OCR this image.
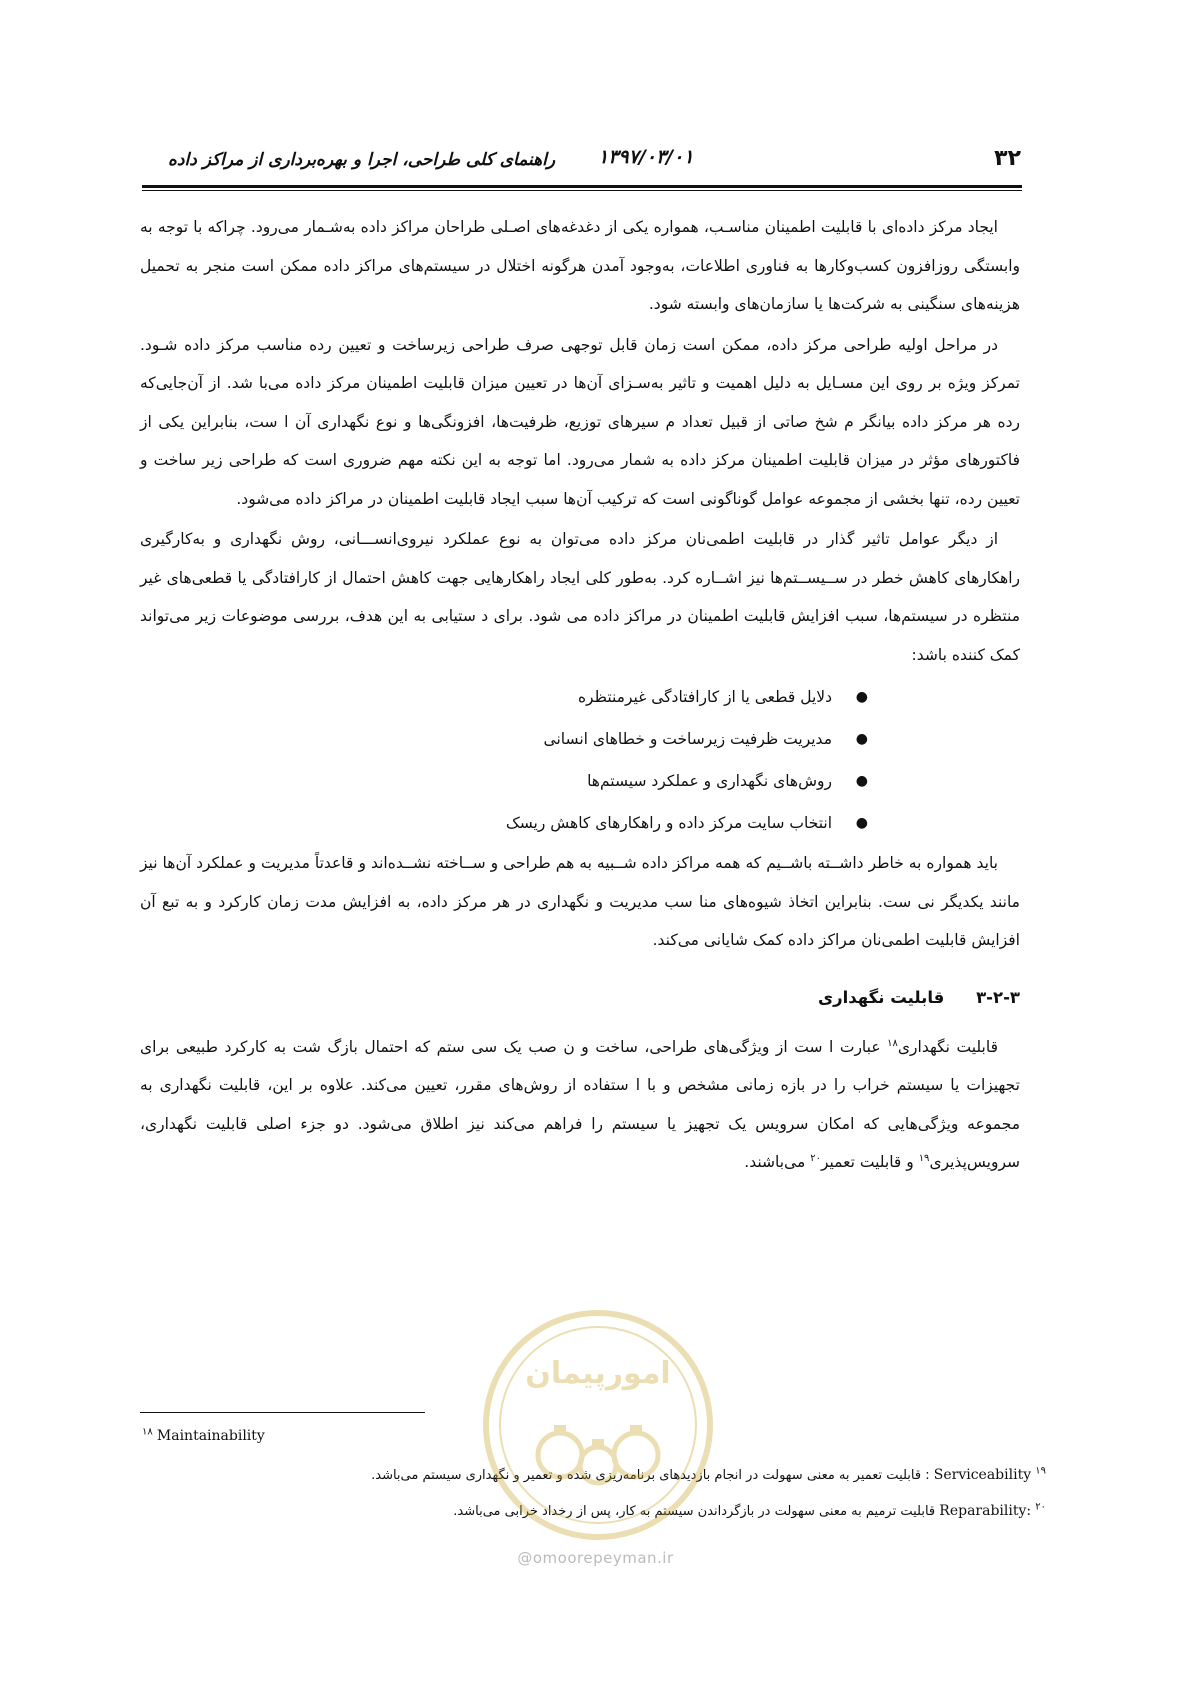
۳۲
۱۳۹۷/۰۳/۰۱
راهنمای کلی طراحی، اجرا و بهره‌برداری از مراکز داده

ایجاد مرکز داده‌ای با قابلیت اطمینان مناسـب، همواره یکی از دغدغه‌های اصـلی طراحان مراکز داده به‌شـمار می‌رود. چراکه با توجه به وابستگی روزافزون کسب‌وکارها به فناوری اطلاعات، به‌وجود آمدن هرگونه اختلال در سیستم‌های مراکز داده ممکن است منجر به تحمیل هزینه‌های سنگینی به شرکت‌ها یا سازمان‌های وابسته شود.

در مراحل اولیه طراحی مرکز داده، ممکن است زمان قابل توجهی صرف طراحی زیرساخت و تعیین رده مناسب مرکز داده شـود. تمرکز ویژه بر روی این مسـایل به دلیل اهمیت و تاثیر به‌سـزای آن‌ها در تعیین میزان قابلیت اطمینان مرکز داده می‌با شد. از آن‌جایی‌که رده هر مرکز داده بیانگر م شخ صاتی از قبیل تعداد م سیرهای توزیع، ظرفیت‌ها، افزونگی‌ها و نوع نگهداری آن ا ست، بنابراین یکی از فاکتورهای مؤثر در میزان قابلیت اطمینان مرکز داده به شمار می‌رود. اما توجه به این نکته مهم ضروری است که طراحی زیر ساخت و تعیین رده، تنها بخشی از مجموعه عوامل گوناگونی است که ترکیب آن‌ها سبب ایجاد قابلیت اطمینان در مراکز داده می‌شود.

از دیگر عوامل تاثیر گذار در قابلیت اطمی‌نان مرکز داده می‌توان به نوع عملکرد نیروی‌انســـانی، روش نگهداری و به‌کارگیری راهکارهای کاهش خطر در ســیســتم‌ها نیز اشــاره کرد. به‌طور کلی ایجاد راهکارهایی جهت کاهش احتمال از کارافتادگی یا قطعی‌های غیر منتظره در سیستم‌ها، سبب افزایش قابلیت اطمینان در مراکز داده می شود. برای د ستیابی به این هدف، بررسی موضوعات زیر می‌تواند کمک کننده باشد:

●
دلایل قطعی یا از کارافتادگی غیرمنتظره
●
مدیریت ظرفیت زیرساخت و خطاهای انسانی
●
روش‌های نگهداری و عملکرد سیستم‌ها
●
انتخاب سایت مرکز داده و راهکارهای کاهش ریسک

باید همواره به خاطر داشــته باشــیم که همه مراکز داده شــبیه به هم طراحی و ســاخته نشــده‌اند و قاعدتاً مدیریت و عملکرد آن‌ها نیز مانند یکدیگر نی ست. بنابراین اتخاذ شیوه‌های منا سب مدیریت و نگهداری در هر مرکز داده، به افزایش مدت زمان کارکرد و به تبع آن افزایش قابلیت اطمی‌نان مراکز داده کمک شایانی می‌کند.

۳-۲-۳ قابلیت نگهداری

قابلیت نگهداری$^{۱۸}$ عبارت ا ست از ویژگی‌های طراحی، ساخت و ن صب یک سی ستم که احتمال بازگ شت به کارکرد طبیعی برای تجهیزات یا سیستم خراب را در بازه زمانی مشخص و با ا ستفاده از روش‌های مقرر، تعیین می‌کند. علاوه بر این، قابلیت نگهداری به مجموعه ویژگی‌هایی که امکان سرویس یک تجهیز یا سیستم را فراهم می‌کند نیز اطلاق می‌شود. دو جزء اصلی قابلیت نگهداری، سرویس‌پذیری$^{۱۹}$ و قابلیت تعمیر$^{۲۰}$ می‌باشند.

$^{۱۸}$ Maintainability
$^{۱۹}$ Serviceability : قابلیت تعمیر به معنی سهولت در انجام بازدیدهای برنامه‌ریزی شده و تعمیر و نگهداری سیستم می‌باشد.
$^{۲۰}$ Reparability: قابلیت ترمیم به معنی سهولت در بازگرداندن سیستم به کار، پس از رخداد خرابی می‌باشد.
امورپیمان
@omoorepeyman.ir
